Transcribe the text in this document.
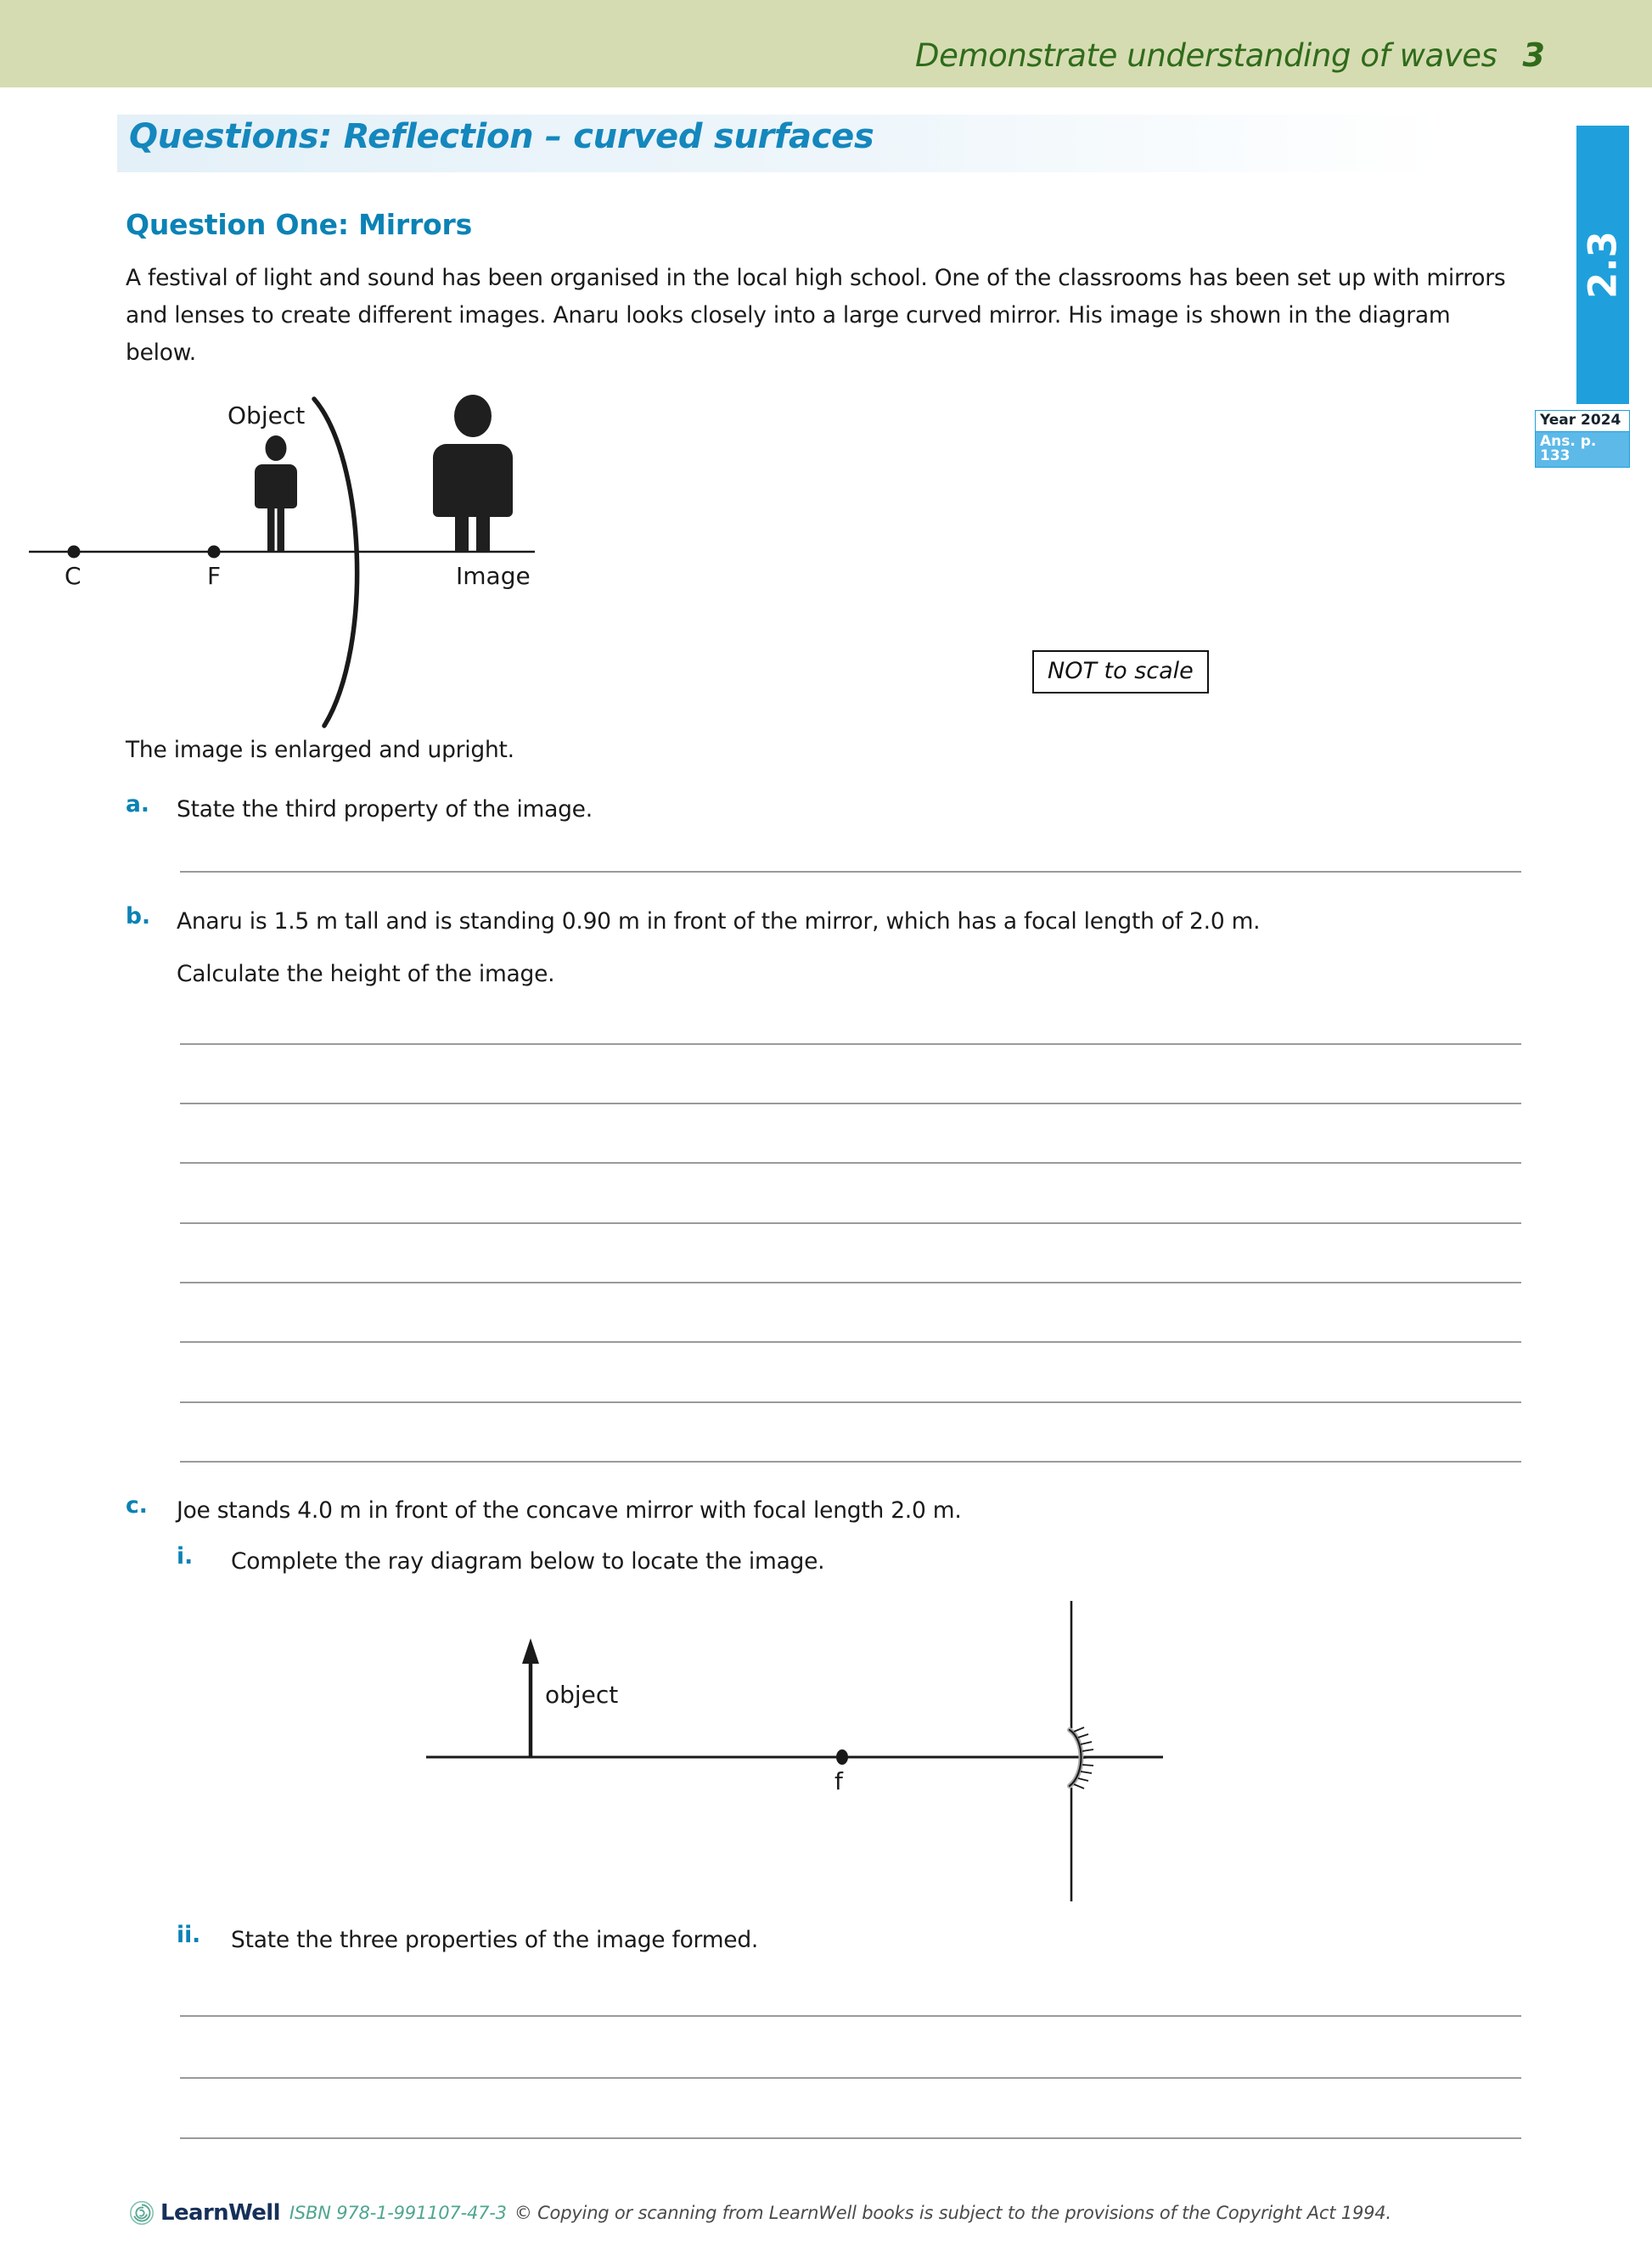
Demonstrate understanding of waves 3
2.3
Year 2024
Ans. p. 133
Questions: Reflection – curved surfaces
Question One: Mirrors
A festival of light and sound has been organised in the local high school. One of the classrooms has been set up with mirrors and lenses to create different images. Anaru looks closely into a large curved mirror. His image is shown in the diagram below.
Object
C	F	Image
NOT to scale
The image is enlarged and upright.
a. State the third property of the image.
b. Anaru is 1.5 m tall and is standing 0.90 m in front of the mirror, which has a focal length of 2.0 m.
Calculate the height of the image.
c. Joe stands 4.0 m in front of the concave mirror with focal length 2.0 m.
i. Complete the ray diagram below to locate the image.
object
f
ii. State the three properties of the image formed.
LearnWell ISBN 978-1-991107-47-3 © Copying or scanning from LearnWell books is subject to the provisions of the Copyright Act 1994.
